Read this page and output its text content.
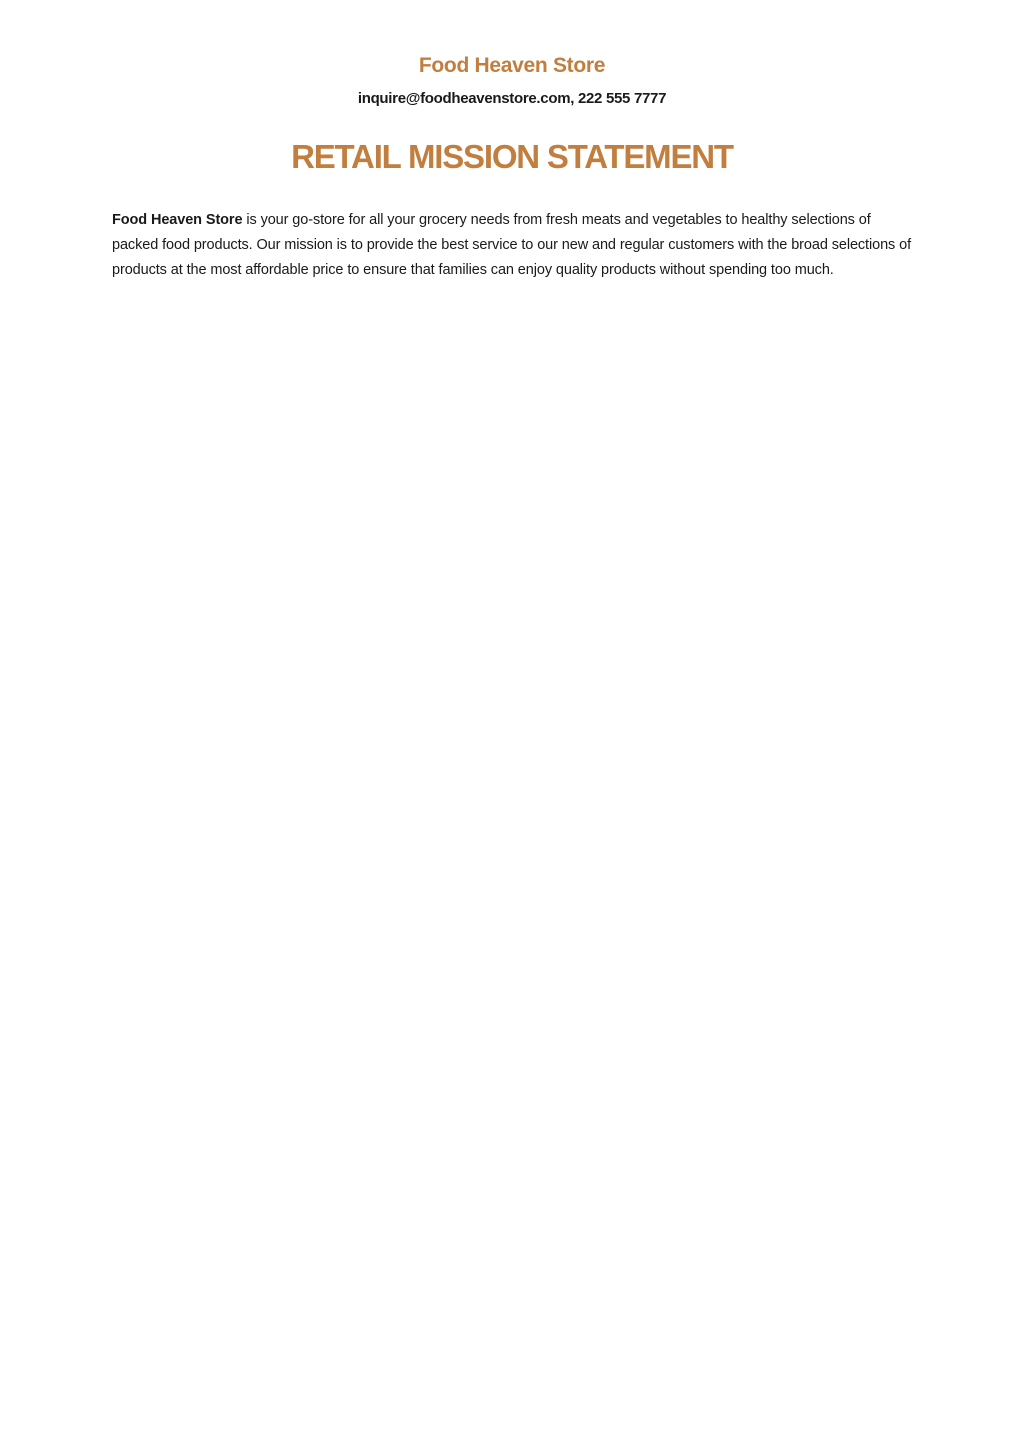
Food Heaven Store

inquire@foodheavenstore.com, 222 555 7777

RETAIL MISSION STATEMENT

Food Heaven Store is your go-store for all your grocery needs from fresh meats and vegetables to healthy selections of packed food products. Our mission is to provide the best service to our new and regular customers with the broad selections of products at the most affordable price to ensure that families can enjoy quality products without spending too much.
